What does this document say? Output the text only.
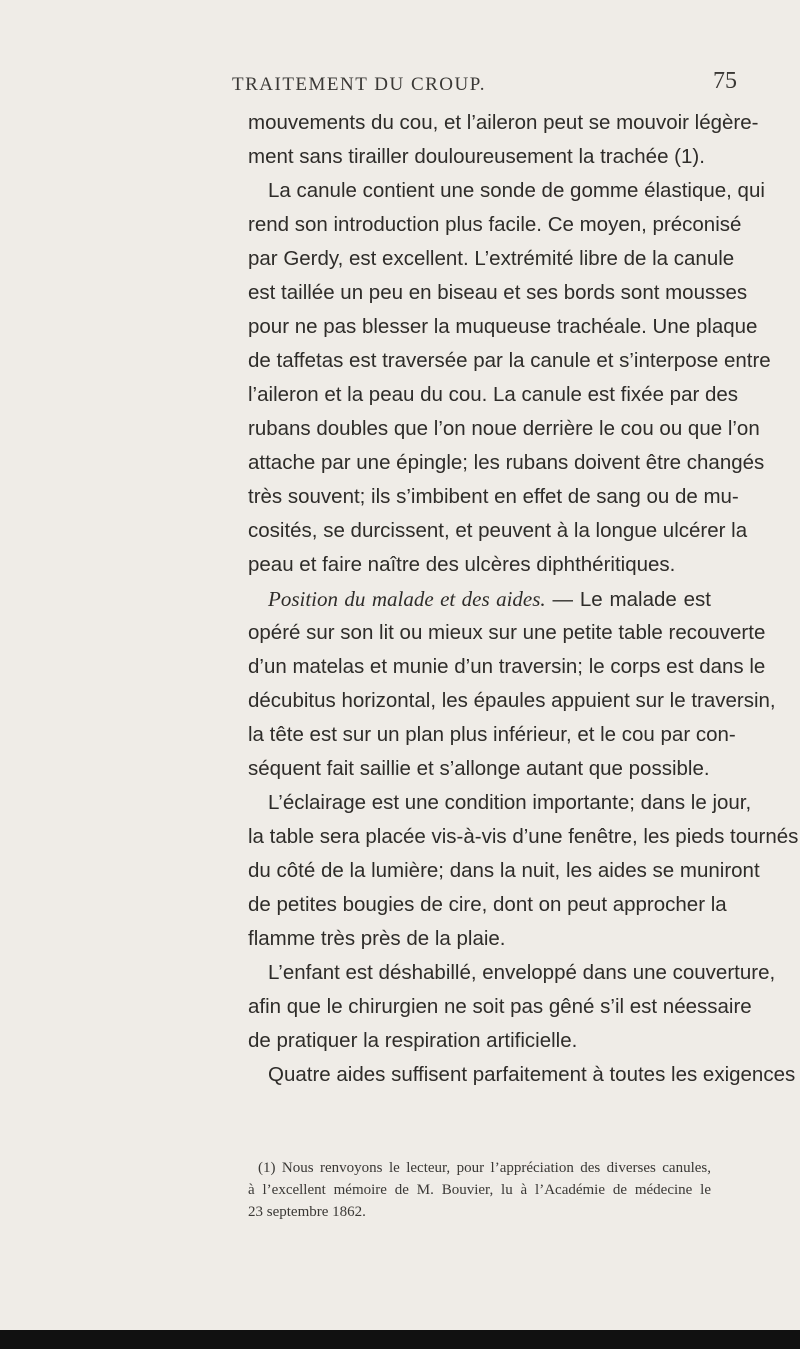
TRAITEMENT DU CROUP.	75
mouvements du cou, et l’aileron peut se mouvoir légère-
ment sans tirailler douloureusement la trachée (1).
La canule contient une sonde de gomme élastique, qui
rend son introduction plus facile. Ce moyen, préconisé
par Gerdy, est excellent. L’extrémité libre de la canule
est taillée un peu en biseau et ses bords sont mousses
pour ne pas blesser la muqueuse trachéale. Une plaque
de taffetas est traversée par la canule et s’interpose entre
l’aileron et la peau du cou. La canule est fixée par des
rubans doubles que l’on noue derrière le cou ou que l’on
attache par une épingle; les rubans doivent être changés
très souvent; ils s’imbibent en effet de sang ou de mu-
cosités, se durcissent, et peuvent à la longue ulcérer la
peau et faire naître des ulcères diphthéritiques.
Position du malade et des aides. — Le malade est
opéré sur son lit ou mieux sur une petite table recouverte
d’un matelas et munie d’un traversin; le corps est dans le
décubitus horizontal, les épaules appuient sur le traversin,
la tête est sur un plan plus inférieur, et le cou par con-
séquent fait saillie et s’allonge autant que possible.
L’éclairage est une condition importante; dans le jour,
la table sera placée vis-à-vis d’une fenêtre, les pieds tournés
du côté de la lumière; dans la nuit, les aides se muniront
de petites bougies de cire, dont on peut approcher la
flamme très près de la plaie.
L’enfant est déshabillé, enveloppé dans une couverture,
afin que le chirurgien ne soit pas gêné s’il est néessaire
de pratiquer la respiration artificielle.
Quatre aides suffisent parfaitement à toutes les exigences
(1) Nous renvoyons le lecteur, pour l’appréciation des diverses canules,
à l’excellent mémoire de M. Bouvier, lu à l’Académie de médecine le
23 septembre 1862.
